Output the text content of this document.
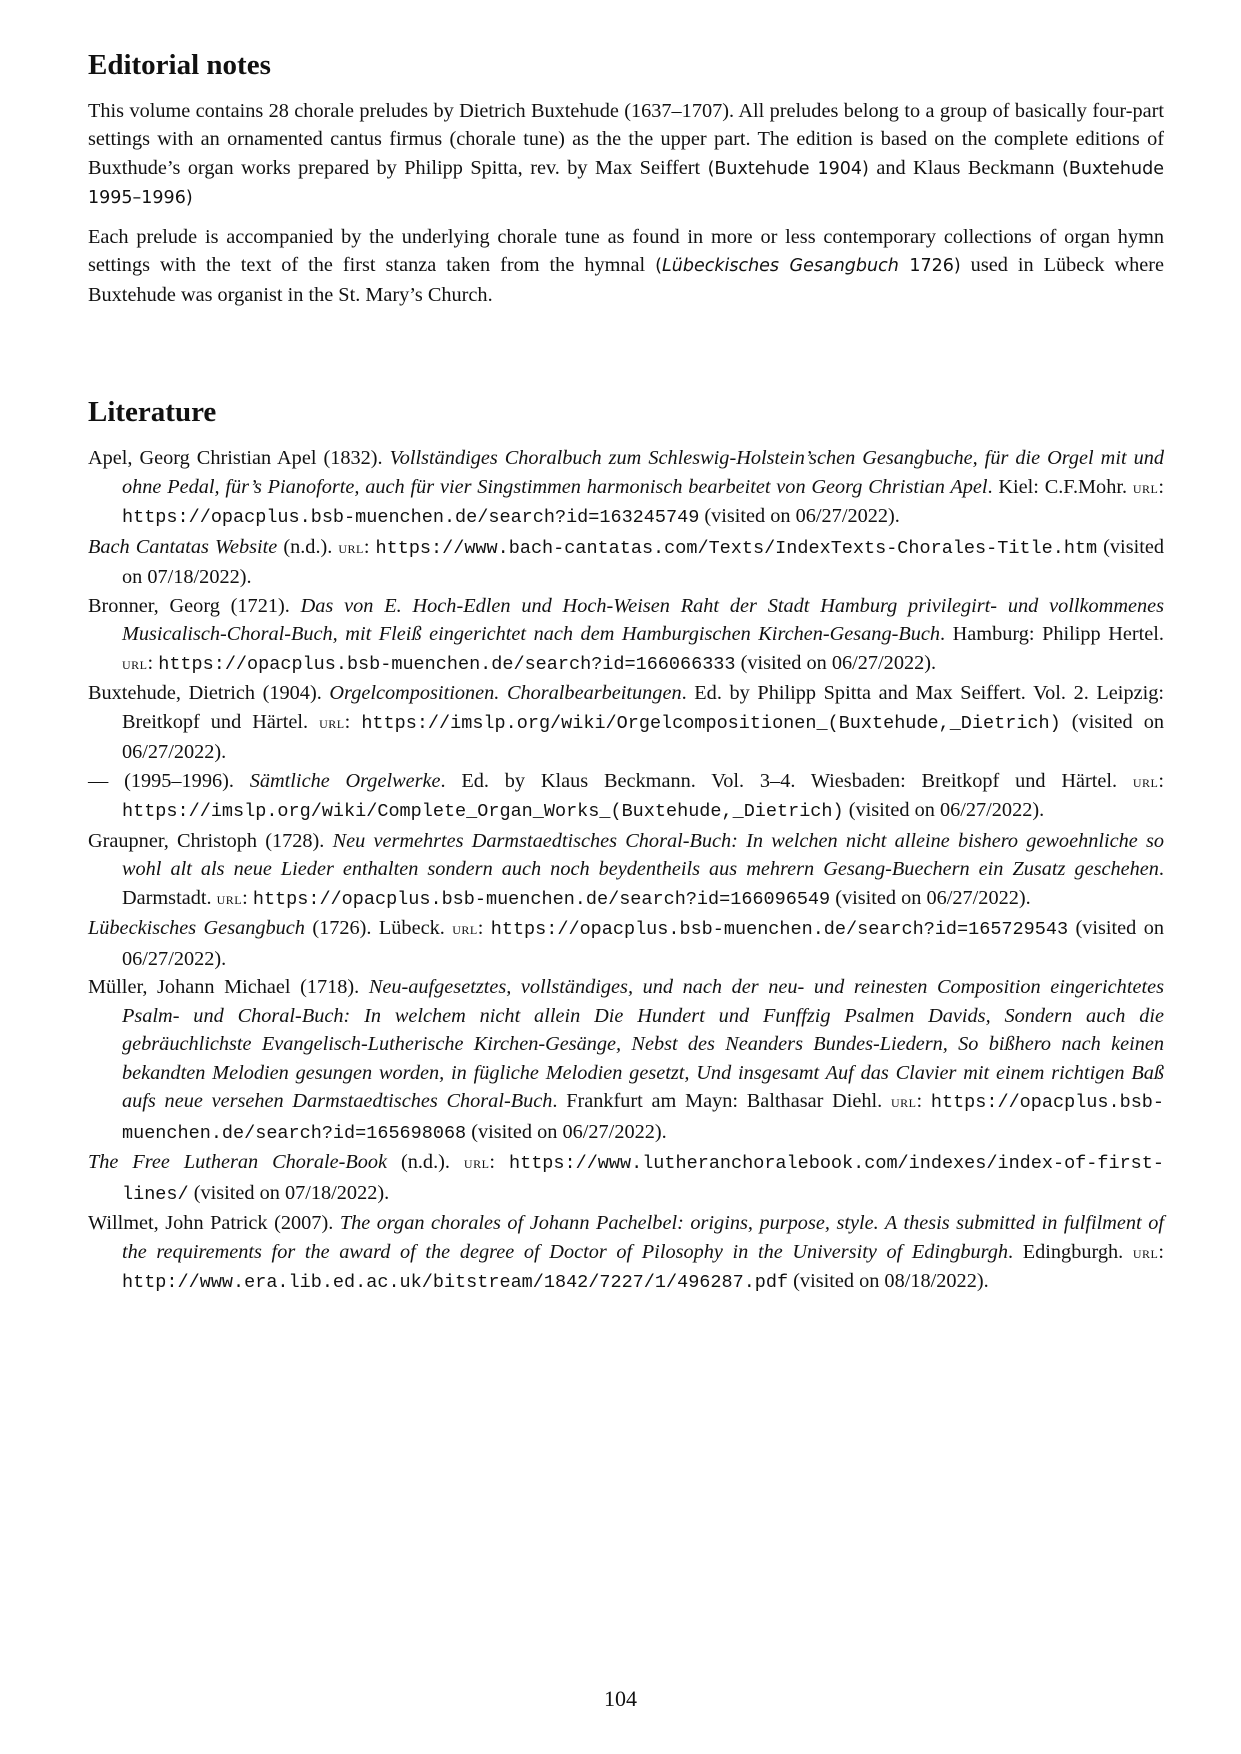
Editorial notes

This volume contains 28 chorale preludes by Dietrich Buxtehude (1637–1707). All preludes belong to a group of basically four-part settings with an ornamented cantus firmus (chorale tune) as the the upper part. The edition is based on the complete editions of Buxthude’s organ works prepared by Philipp Spitta, rev. by Max Seiffert (Buxtehude 1904) and Klaus Beckmann (Buxtehude 1995–1996)

Each prelude is accompanied by the underlying chorale tune as found in more or less contemporary collections of organ hymn settings with the text of the first stanza taken from the hymnal (Lübeckisches Gesangbuch 1726) used in Lübeck where Buxtehude was organist in the St. Mary’s Church.

Literature
Apel, Georg Christian Apel (1832). Vollständiges Choralbuch zum Schleswig-Holstein’schen Gesangbuche, für die Orgel mit und ohne Pedal, für’s Pianoforte, auch für vier Singstimmen harmonisch bearbeitet von Georg Christian Apel. Kiel: C.F.Mohr. url: https://opacplus.bsb-muenchen.de/search?id=163245749 (visited on 06/27/2022).
Bach Cantatas Website (n.d.). url: https://www.bach-cantatas.com/Texts/IndexTexts-Chorales-Title.htm (visited on 07/18/2022).
Bronner, Georg (1721). Das von E. Hoch-Edlen und Hoch-Weisen Raht der Stadt Hamburg privilegirt- und vollkommenes Musicalisch-Choral-Buch, mit Fleiß eingerichtet nach dem Hamburgischen Kirchen-Gesang-Buch. Hamburg: Philipp Hertel. url: https://opacplus.bsb-muenchen.de/search?id=166066333 (visited on 06/27/2022).
Buxtehude, Dietrich (1904). Orgelcompositionen. Choralbearbeitungen. Ed. by Philipp Spitta and Max Seiffert. Vol. 2. Leipzig: Breitkopf und Härtel. url: https://imslp.org/wiki/Orgelcompositionen_(Buxtehude,_Dietrich) (visited on 06/27/2022).
— (1995–1996). Sämtliche Orgelwerke. Ed. by Klaus Beckmann. Vol. 3–4. Wiesbaden: Breitkopf und Härtel. url: https://imslp.org/wiki/Complete_Organ_Works_(Buxtehude,_Dietrich) (visited on 06/27/2022).
Graupner, Christoph (1728). Neu vermehrtes Darmstaedtisches Choral-Buch: In welchen nicht alleine bishero gewoehnliche so wohl alt als neue Lieder enthalten sondern auch noch beydentheils aus mehrern Gesang-Buechern ein Zusatz geschehen. Darmstadt. url: https://opacplus.bsb-muenchen.de/search?id=166096549 (visited on 06/27/2022).
Lübeckisches Gesangbuch (1726). Lübeck. url: https://opacplus.bsb-muenchen.de/search?id=165729543 (visited on 06/27/2022).
Müller, Johann Michael (1718). Neu-aufgesetztes, vollständiges, und nach der neu- und reinesten Composition eingerichtetes Psalm- und Choral-Buch: In welchem nicht allein Die Hundert und Funffzig Psalmen Davids, Sondern auch die gebräuchlichste Evangelisch-Lutherische Kirchen-Gesänge, Nebst des Neanders Bundes-Liedern, So bißhero nach keinen bekandten Melodien gesungen worden, in fügliche Melodien gesetzt, Und insgesamt Auf das Clavier mit einem richtigen Baß aufs neue versehen Darmstaedtisches Choral-Buch. Frankfurt am Mayn: Balthasar Diehl. url: https://opacplus.bsb-muenchen.de/search?id=165698068 (visited on 06/27/2022).
The Free Lutheran Chorale-Book (n.d.). url: https://www.lutheranchoralebook.com/indexes/index-of-first-lines/ (visited on 07/18/2022).
Willmet, John Patrick (2007). The organ chorales of Johann Pachelbel: origins, purpose, style. A thesis submitted in fulfilment of the requirements for the award of the degree of Doctor of Pilosophy in the University of Edingburgh. Edingburgh. url: http://www.era.lib.ed.ac.uk/bitstream/1842/7227/1/496287.pdf (visited on 08/18/2022).
104
